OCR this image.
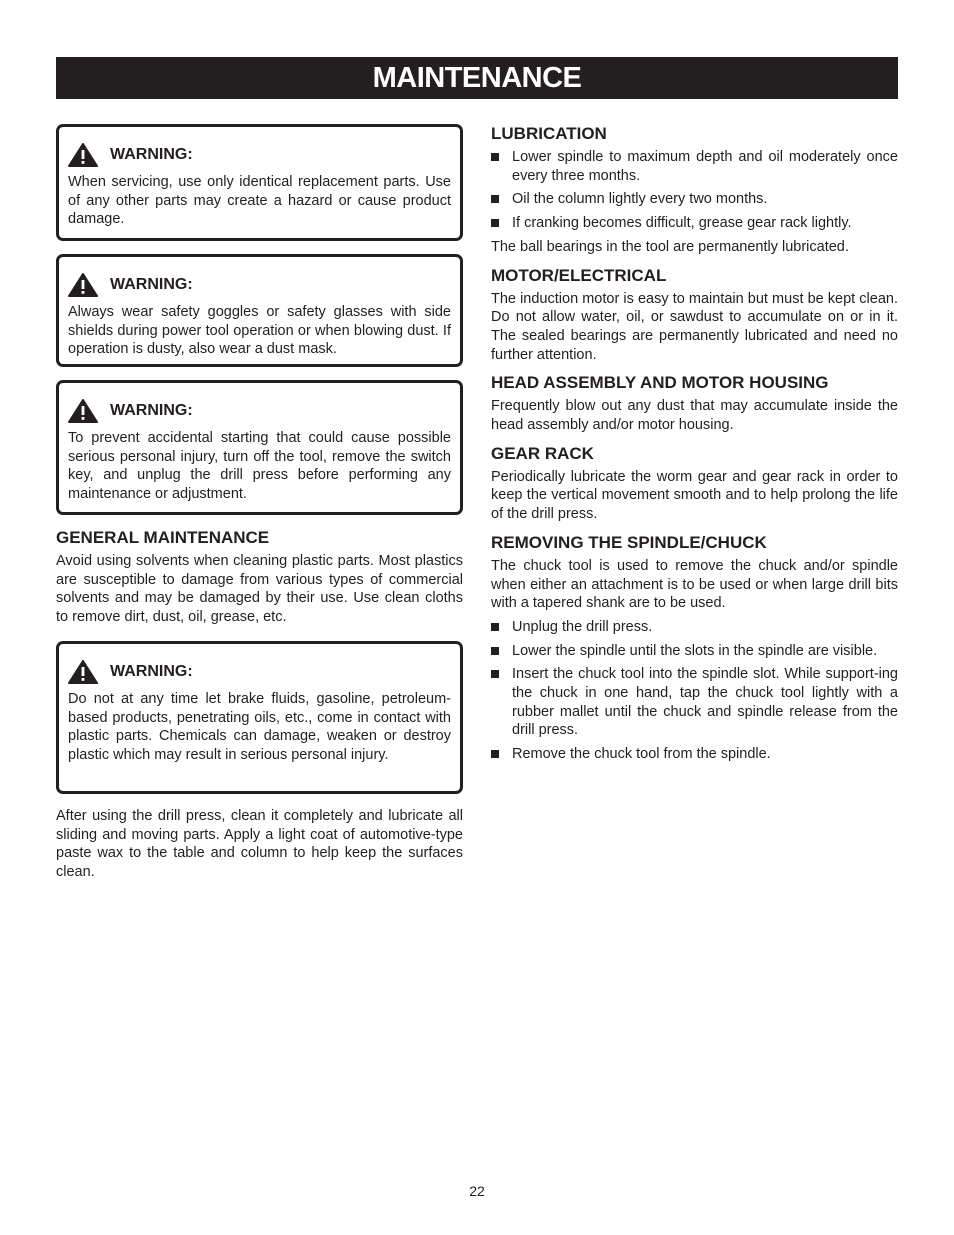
MAINTENANCE
WARNING:
When servicing, use only identical replacement parts. Use of any other parts may create a hazard or cause product damage.
WARNING:
Always wear safety goggles or safety glasses with side shields during power tool operation or when blowing dust. If operation is dusty, also wear a dust mask.
WARNING:
To prevent accidental starting that could cause possible serious personal injury, turn off the tool, remove the switch key, and unplug the drill press before performing any maintenance or adjustment.
GENERAL MAINTENANCE

Avoid using solvents when cleaning plastic parts. Most plastics are susceptible to damage from various types of commercial solvents and may be damaged by their use. Use clean cloths to remove dirt, dust, oil, grease, etc.

WARNING:
Do not at any time let brake fluids, gasoline, petroleum-based products, penetrating oils, etc., come in contact with plastic parts. Chemicals can damage, weaken or destroy plastic which may result in serious personal injury.

After using the drill press, clean it completely and lubricate all sliding and moving parts. Apply a light coat of automotive-type paste wax to the table and column to help keep the surfaces clean.

LUBRICATION
Lower spindle to maximum depth and oil moderately once every three months.
Oil the column lightly every two months.
If cranking becomes difficult, grease gear rack lightly.

The ball bearings in the tool are permanently lubricated.

MOTOR/ELECTRICAL

The induction motor is easy to maintain but must be kept clean. Do not allow water, oil, or sawdust to accumulate on or in it. The sealed bearings are permanently lubricated and need no further attention.

HEAD ASSEMBLY AND MOTOR HOUSING

Frequently blow out any dust that may accumulate inside the head assembly and/or motor housing.

GEAR RACK

Periodically lubricate the worm gear and gear rack in order to keep the vertical movement smooth and to help prolong the life of the drill press.

REMOVING THE SPINDLE/CHUCK

The chuck tool is used to remove the chuck and/or spindle when either an attachment is to be used or when large drill bits with a tapered shank are to be used.

Unplug the drill press.
Lower the spindle until the slots in the spindle are visible.
Insert the chuck tool into the spindle slot. While support-ing the chuck in one hand, tap the chuck tool lightly with a rubber mallet until the chuck and spindle release from the drill press.
Remove the chuck tool from the spindle.
22
